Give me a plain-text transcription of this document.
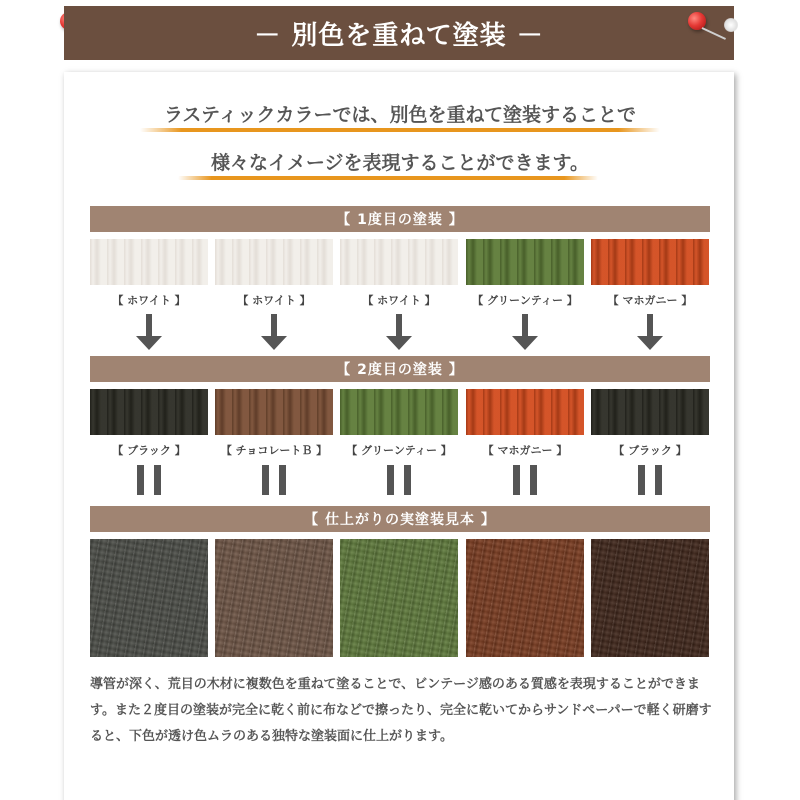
－ 別色を重ねて塗装 －
ラスティックカラーでは、別色を重ねて塗装することで
様々なイメージを表現することができます。
【 1度目の塗装 】
【 ホワイト 】	【 ホワイト 】	【 ホワイト 】	【 グリーンティー 】	【 マホガニー 】
【 2度目の塗装 】
【 ブラック 】	【 チョコレートＢ 】	【 グリーンティー 】	【 マホガニー 】	【 ブラック 】
【 仕上がりの実塗装見本 】
導管が深く、荒目の木材に複数色を重ねて塗ることで、ビンテージ感のある質感を表現することができます。また２度目の塗装が完全に乾く前に布などで擦ったり、完全に乾いてからサンドペーパーで軽く研磨すると、下色が透け色ムラのある独特な塗装面に仕上がります。
